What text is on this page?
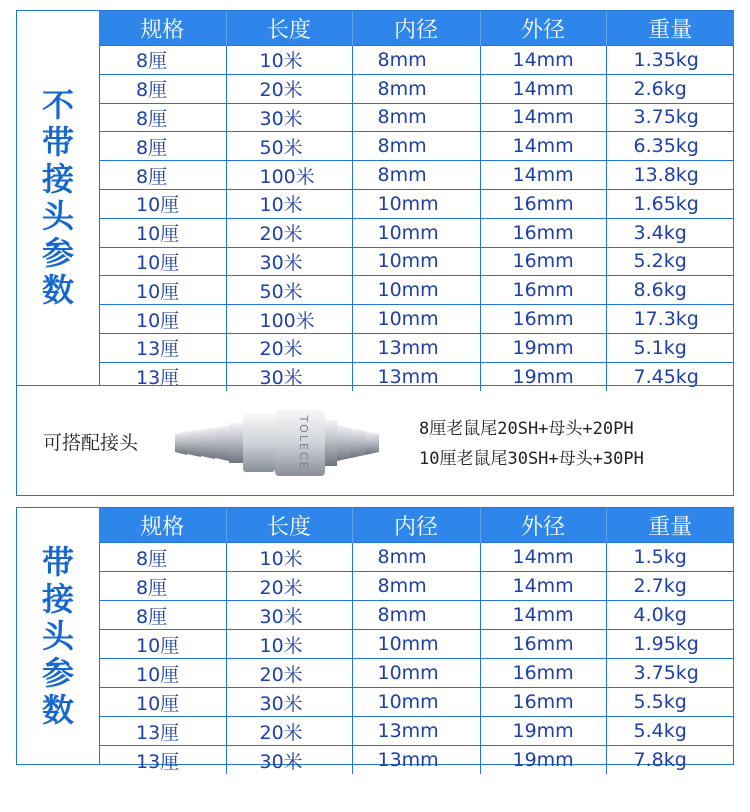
不带接头参数
规格	长度	内径	外径	重量
8厘	10米	8mm	14mm	1.35kg
8厘	20米	8mm	14mm	2.6kg
8厘	30米	8mm	14mm	3.75kg
8厘	50米	8mm	14mm	6.35kg
8厘	100米	8mm	14mm	13.8kg
10厘	10米	10mm	16mm	1.65kg
10厘	20米	10mm	16mm	3.4kg
10厘	30米	10mm	16mm	5.2kg
10厘	50米	10mm	16mm	8.6kg
10厘	100米	10mm	16mm	17.3kg
13厘	20米	13mm	19mm	5.1kg
13厘	30米	13mm	19mm	7.45kg
可搭配接头	TOLECE	8厘老鼠尾20SH+母头+20PH
10厘老鼠尾30SH+母头+30PH
带接头参数
规格	长度	内径	外径	重量
8厘	10米	8mm	14mm	1.5kg
8厘	20米	8mm	14mm	2.7kg
8厘	30米	8mm	14mm	4.0kg
10厘	10米	10mm	16mm	1.95kg
10厘	20米	10mm	16mm	3.75kg
10厘	30米	10mm	16mm	5.5kg
13厘	20米	13mm	19mm	5.4kg
13厘	30米	13mm	19mm	7.8kg
